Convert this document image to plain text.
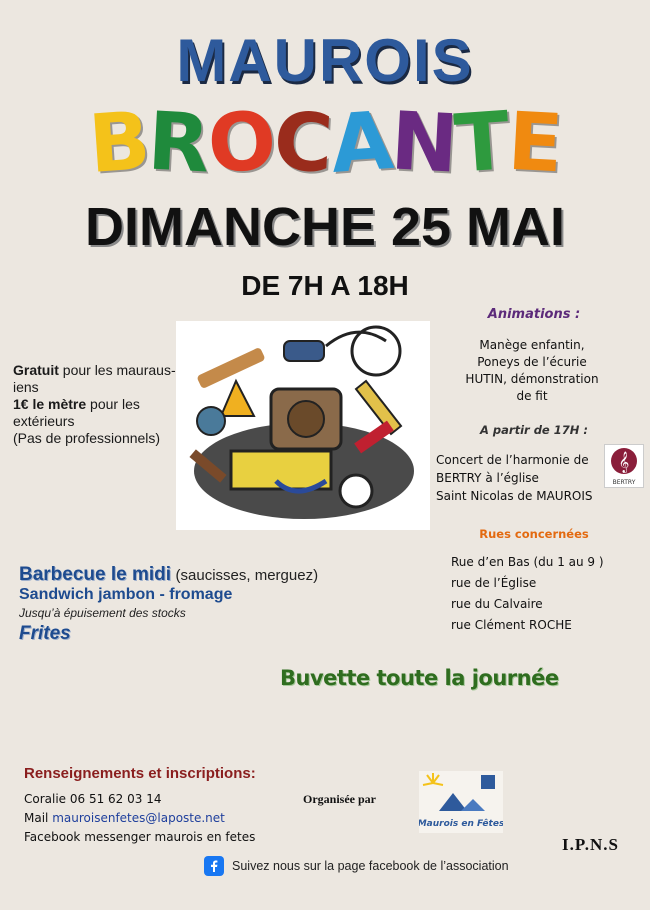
MAUROIS
BROCANTE
DIMANCHE 25 MAI
DE 7H A 18H
Gratuit pour les maurausiens
1€ le mètre pour les extérieurs
(Pas de professionnels)
Animations :
Manège enfantin,
Poneys de l’écurie
HUTIN, démonstration
de fit
A partir de 17H :
Concert de l’harmonie de
BERTRY à l’église
Saint Nicolas de MAUROIS
𝄞
BERTRY
Rues concernées
Rue d’en Bas (du 1 au 9 )
rue de l’Église
rue du Calvaire
rue Clément ROCHE
Barbecue le midi (saucisses, merguez)
Sandwich jambon - fromage
Jusqu’à épuisement des stocks
Frites
Buvette toute la journée
Renseignements et inscriptions:
Coralie 06 51 62 03 14
Mail mauroisenfetes@laposte.net
Facebook messenger maurois en fetes
Organisée par
Maurois en Fêtes
I.P.N.S
Suivez nous sur la page facebook de l’association
